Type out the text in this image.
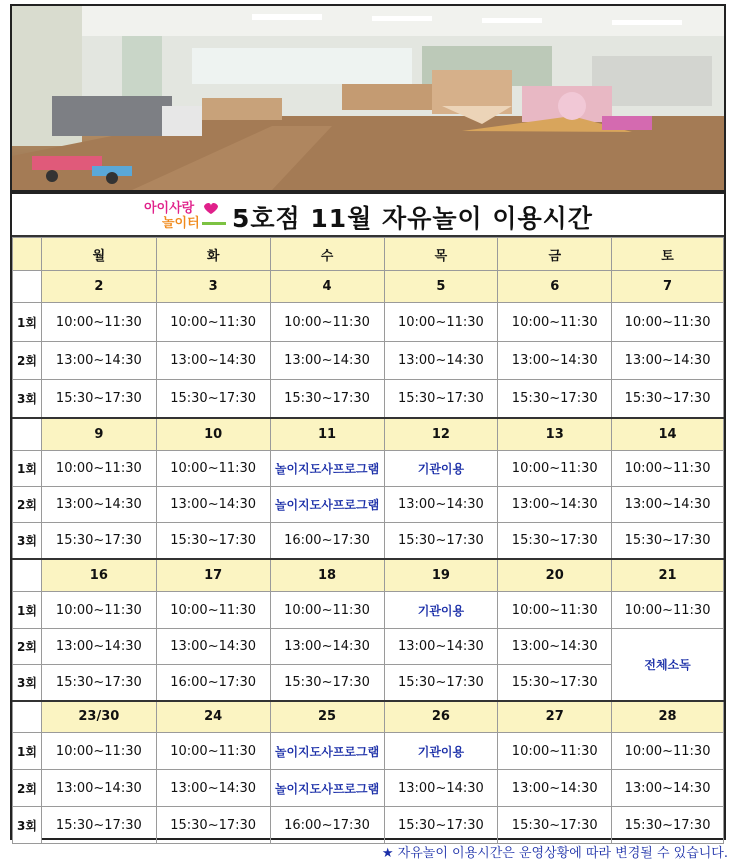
아이사랑
놀이터 5호점 11월 자유놀이 이용시간
	월	화	수	목	금	토
	2	3	4	5	6	7
1회	10:00~11:30	10:00~11:30	10:00~11:30	10:00~11:30	10:00~11:30	10:00~11:30
2회	13:00~14:30	13:00~14:30	13:00~14:30	13:00~14:30	13:00~14:30	13:00~14:30
3회	15:30~17:30	15:30~17:30	15:30~17:30	15:30~17:30	15:30~17:30	15:30~17:30
	9	10	11	12	13	14
1회	10:00~11:30	10:00~11:30	놀이지도사프로그램	기관이용	10:00~11:30	10:00~11:30
2회	13:00~14:30	13:00~14:30	놀이지도사프로그램	13:00~14:30	13:00~14:30	13:00~14:30
3회	15:30~17:30	15:30~17:30	16:00~17:30	15:30~17:30	15:30~17:30	15:30~17:30
	16	17	18	19	20	21
1회	10:00~11:30	10:00~11:30	10:00~11:30	기관이용	10:00~11:30	10:00~11:30
2회	13:00~14:30	13:00~14:30	13:00~14:30	13:00~14:30	13:00~14:30	전체소독
3회	15:30~17:30	16:00~17:30	15:30~17:30	15:30~17:30	15:30~17:30	
	23/30	24	25	26	27	28
1회	10:00~11:30	10:00~11:30	놀이지도사프로그램	기관이용	10:00~11:30	10:00~11:30
2회	13:00~14:30	13:00~14:30	놀이지도사프로그램	13:00~14:30	13:00~14:30	13:00~14:30
3회	15:30~17:30	15:30~17:30	16:00~17:30	15:30~17:30	15:30~17:30	15:30~17:30
★ 자유놀이 이용시간은 운영상황에 따라 변경될 수 있습니다.
